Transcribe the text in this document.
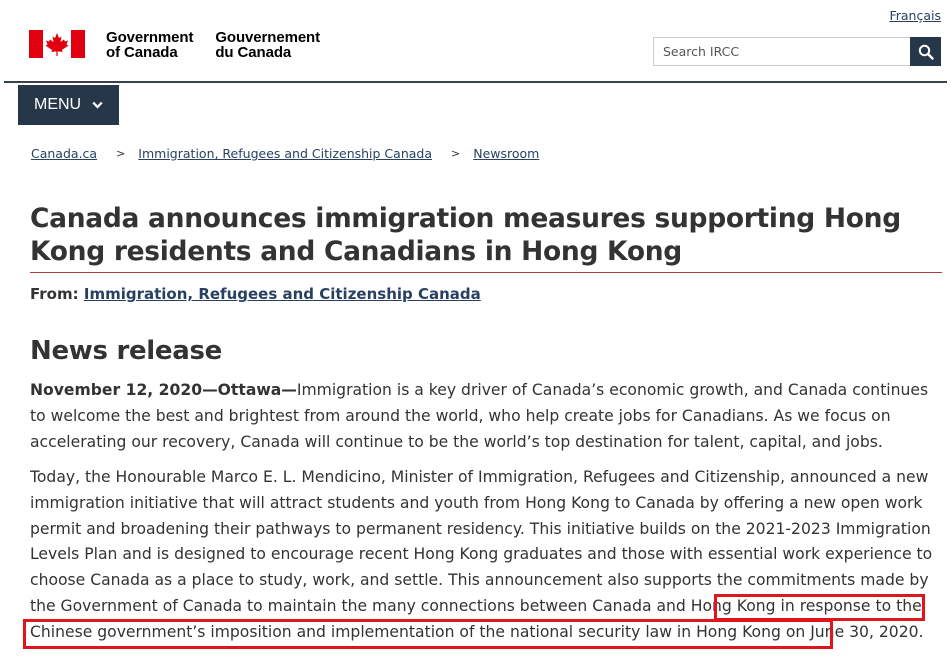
Français
Government
of Canada
Gouvernement
du Canada
Search IRCC
MENU
Canada.ca > Immigration, Refugees and Citizenship Canada > Newsroom
Canada announces immigration measures supporting Hong Kong residents and Canadians in Hong Kong
From: Immigration, Refugees and Citizenship Canada
News release

November 12, 2020—Ottawa—Immigration is a key driver of Canada’s economic growth, and Canada continues to welcome the best and brightest from around the world, who help create jobs for Canadians. As we focus on accelerating our recovery, Canada will continue to be the world’s top destination for talent, capital, and jobs.

Today, the Honourable Marco E. L. Mendicino, Minister of Immigration, Refugees and Citizenship, announced a new immigration initiative that will attract students and youth from Hong Kong to Canada by offering a new open work permit and broadening their pathways to permanent residency. This initiative builds on the 2021-2023 Immigration Levels Plan and is designed to encourage recent Hong Kong graduates and those with essential work experience to choose Canada as a place to study, work, and settle. This announcement also supports the commitments made by the Government of Canada to maintain the many connections between Canada and Hong Kong in response to the Chinese government’s imposition and implementation of the national security law in Hong Kong on June 30, 2020.
